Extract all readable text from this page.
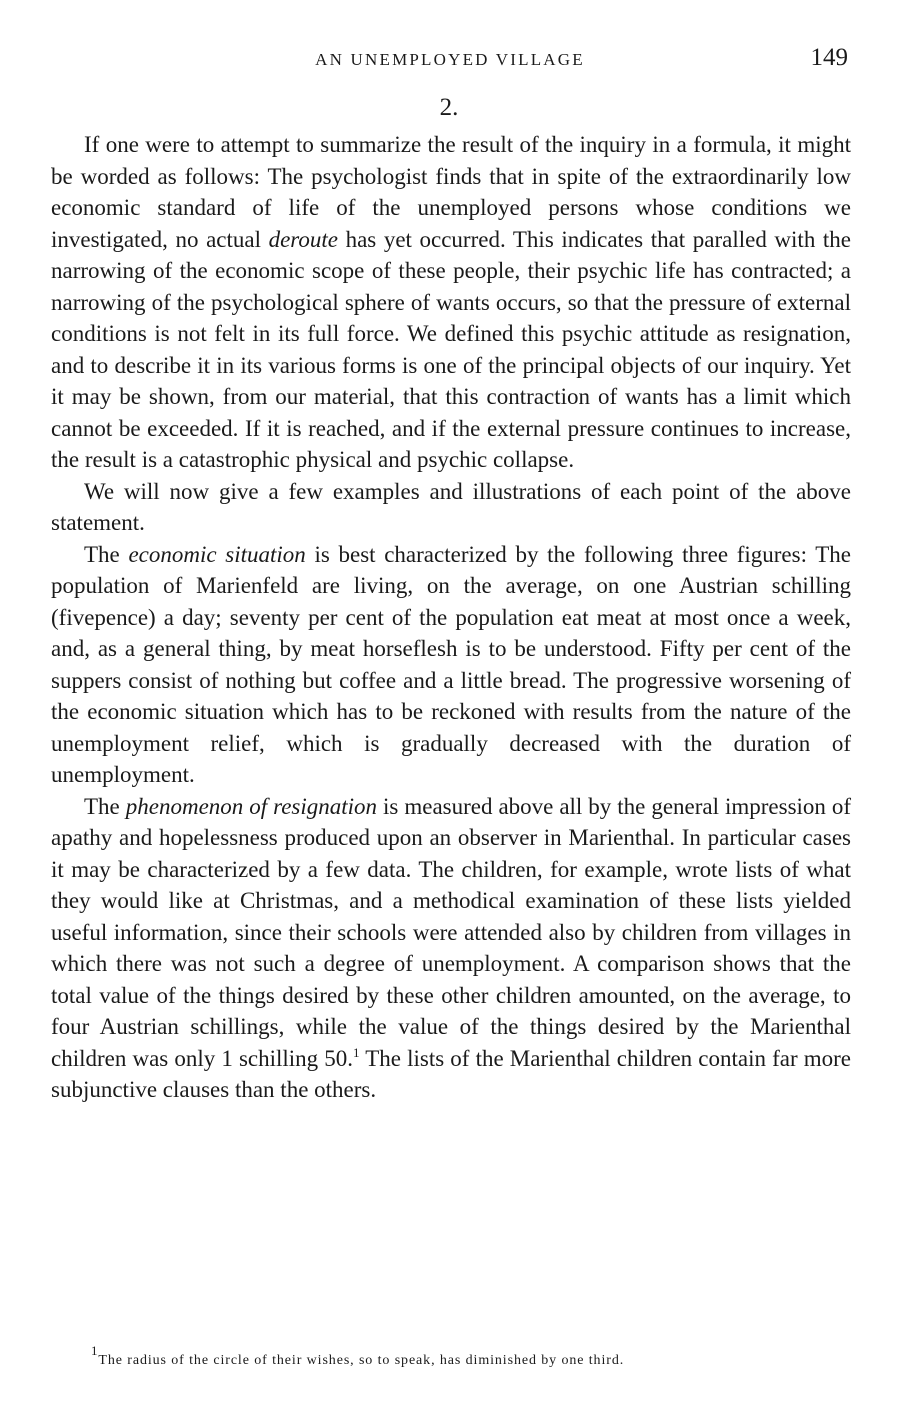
AN UNEMPLOYED VILLAGE	149
2.

If one were to attempt to summarize the result of the inquiry in a formula, it might be worded as follows: The psychologist finds that in spite of the extraordinarily low economic standard of life of the unemployed persons whose conditions we investigated, no actual deroute has yet occurred. This indicates that paralled with the narrowing of the economic scope of these people, their psychic life has contracted; a narrowing of the psychological sphere of wants occurs, so that the pressure of external conditions is not felt in its full force. We defined this psychic attitude as resignation, and to describe it in its various forms is one of the principal objects of our inquiry. Yet it may be shown, from our material, that this contraction of wants has a limit which cannot be exceeded. If it is reached, and if the external pressure continues to increase, the result is a catastrophic physical and psychic collapse.

We will now give a few examples and illustrations of each point of the above statement.

The economic situation is best characterized by the following three figures: The population of Marienfeld are living, on the average, on one Austrian schilling (fivepence) a day; seventy per cent of the population eat meat at most once a week, and, as a general thing, by meat horseflesh is to be understood. Fifty per cent of the suppers consist of nothing but coffee and a little bread. The progressive worsening of the economic situation which has to be reckoned with results from the nature of the unemployment relief, which is gradually decreased with the duration of unemployment.

The phenomenon of resignation is measured above all by the general impression of apathy and hopelessness produced upon an observer in Marienthal. In particular cases it may be characterized by a few data. The children, for example, wrote lists of what they would like at Christmas, and a methodical examination of these lists yielded useful information, since their schools were attended also by children from villages in which there was not such a degree of unemployment. A comparison shows that the total value of the things desired by these other children amounted, on the average, to four Austrian schillings, while the value of the things desired by the Marienthal children was only 1 schilling 50.$^1$ The lists of the Marienthal children contain far more subjunctive clauses than the others.

$^1$The radius of the circle of their wishes, so to speak, has diminished by one third.
